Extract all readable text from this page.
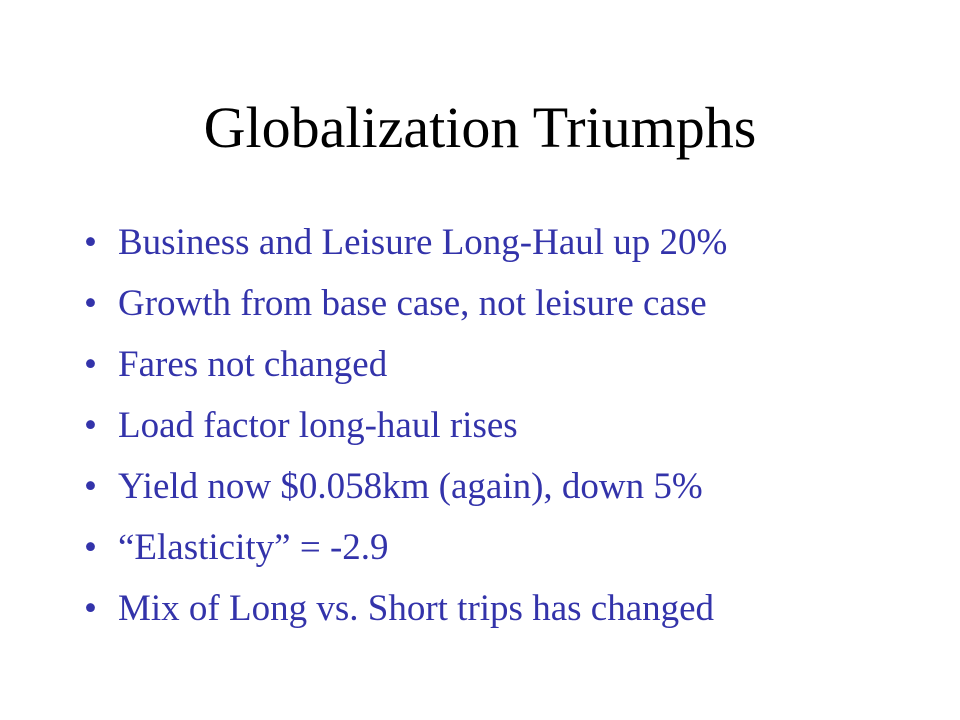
Globalization Triumphs
• Business and Leisure Long-Haul up 20%
• Growth from base case, not leisure case
• Fares not changed
• Load factor long-haul rises
• Yield now $0.058km (again), down 5%
• “Elasticity” = -2.9
• Mix of Long vs. Short trips has changed
